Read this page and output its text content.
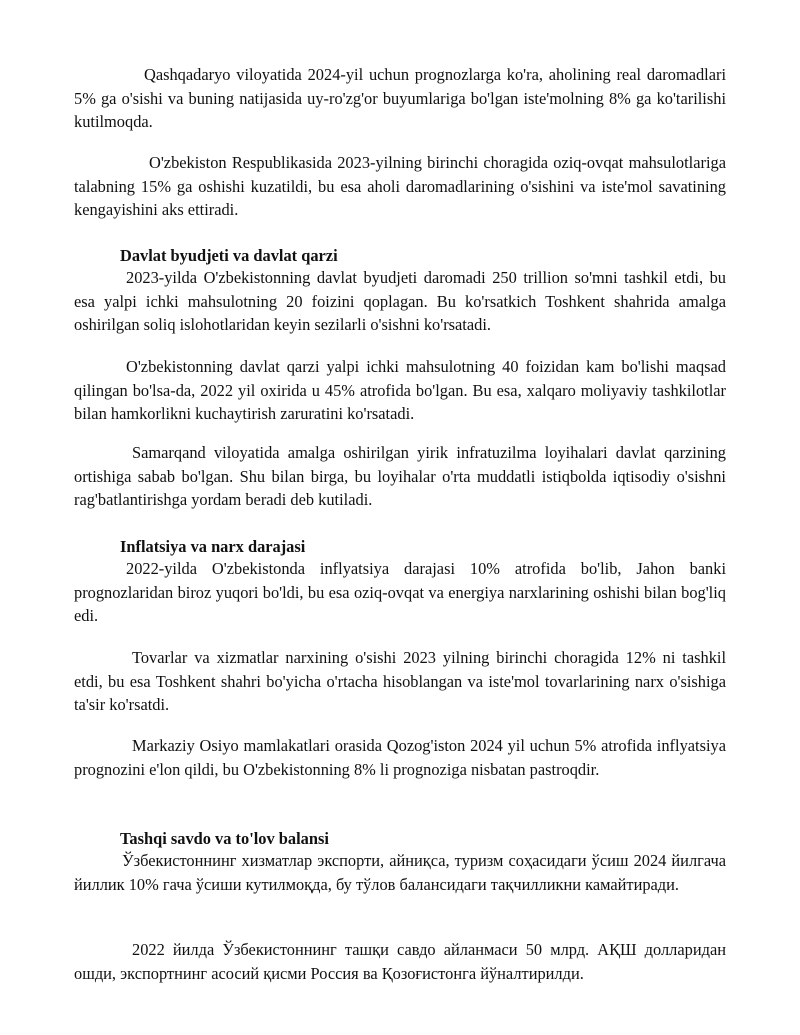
Qashqadaryo viloyatida 2024-yil uchun prognozlarga ko'ra, aholining real daromadlari 5% ga o'sishi va buning natijasida uy-ro'zg'or buyumlariga bo'lgan iste'molning 8% ga ko'tarilishi kutilmoqda.

O'zbekiston Respublikasida 2023-yilning birinchi choragida oziq-ovqat mahsulotlariga talabning 15% ga oshishi kuzatildi, bu esa aholi daromadlarining o'sishini va iste'mol savatining kengayishini aks ettiradi.

Davlat byudjeti va davlat qarzi

2023-yilda O'zbekistonning davlat byudjeti daromadi 250 trillion so'mni tashkil etdi, bu esa yalpi ichki mahsulotning 20 foizini qoplagan. Bu ko'rsatkich Toshkent shahrida amalga oshirilgan soliq islohotlaridan keyin sezilarli o'sishni ko'rsatadi.

O'zbekistonning davlat qarzi yalpi ichki mahsulotning 40 foizidan kam bo'lishi maqsad qilingan bo'lsa-da, 2022 yil oxirida u 45% atrofida bo'lgan. Bu esa, xalqaro moliyaviy tashkilotlar bilan hamkorlikni kuchaytirish zaruratini ko'rsatadi.

Samarqand viloyatida amalga oshirilgan yirik infratuzilma loyihalari davlat qarzining ortishiga sabab bo'lgan. Shu bilan birga, bu loyihalar o'rta muddatli istiqbolda iqtisodiy o'sishni rag'batlantirishga yordam beradi deb kutiladi.

Inflatsiya va narx darajasi

2022-yilda O'zbekistonda inflyatsiya darajasi 10% atrofida bo'lib, Jahon banki prognozlaridan biroz yuqori bo'ldi, bu esa oziq-ovqat va energiya narxlarining oshishi bilan bog'liq edi.

Tovarlar va xizmatlar narxining o'sishi 2023 yilning birinchi choragida 12% ni tashkil etdi, bu esa Toshkent shahri bo'yicha o'rtacha hisoblangan va iste'mol tovarlarining narx o'sishiga ta'sir ko'rsatdi.

Markaziy Osiyo mamlakatlari orasida Qozog'iston 2024 yil uchun 5% atrofida inflyatsiya prognozini e'lon qildi, bu O'zbekistonning 8% li prognoziga nisbatan pastroqdir.

Tashqi savdo va to'lov balansi

Ўзбекистоннинг хизматлар экспорти, айниқса, туризм соҳасидаги ўсиш 2024 йилгача йиллик 10% гача ўсиши кутилмоқда, бу тўлов балансидаги тақчилликни камайтиради.

2022 йилда Ўзбекистоннинг ташқи савдо айланмаси 50 млрд. АҚШ долларидан ошди, экспортнинг асосий қисми Россия ва Қозоғистонга йўналтирилди.
